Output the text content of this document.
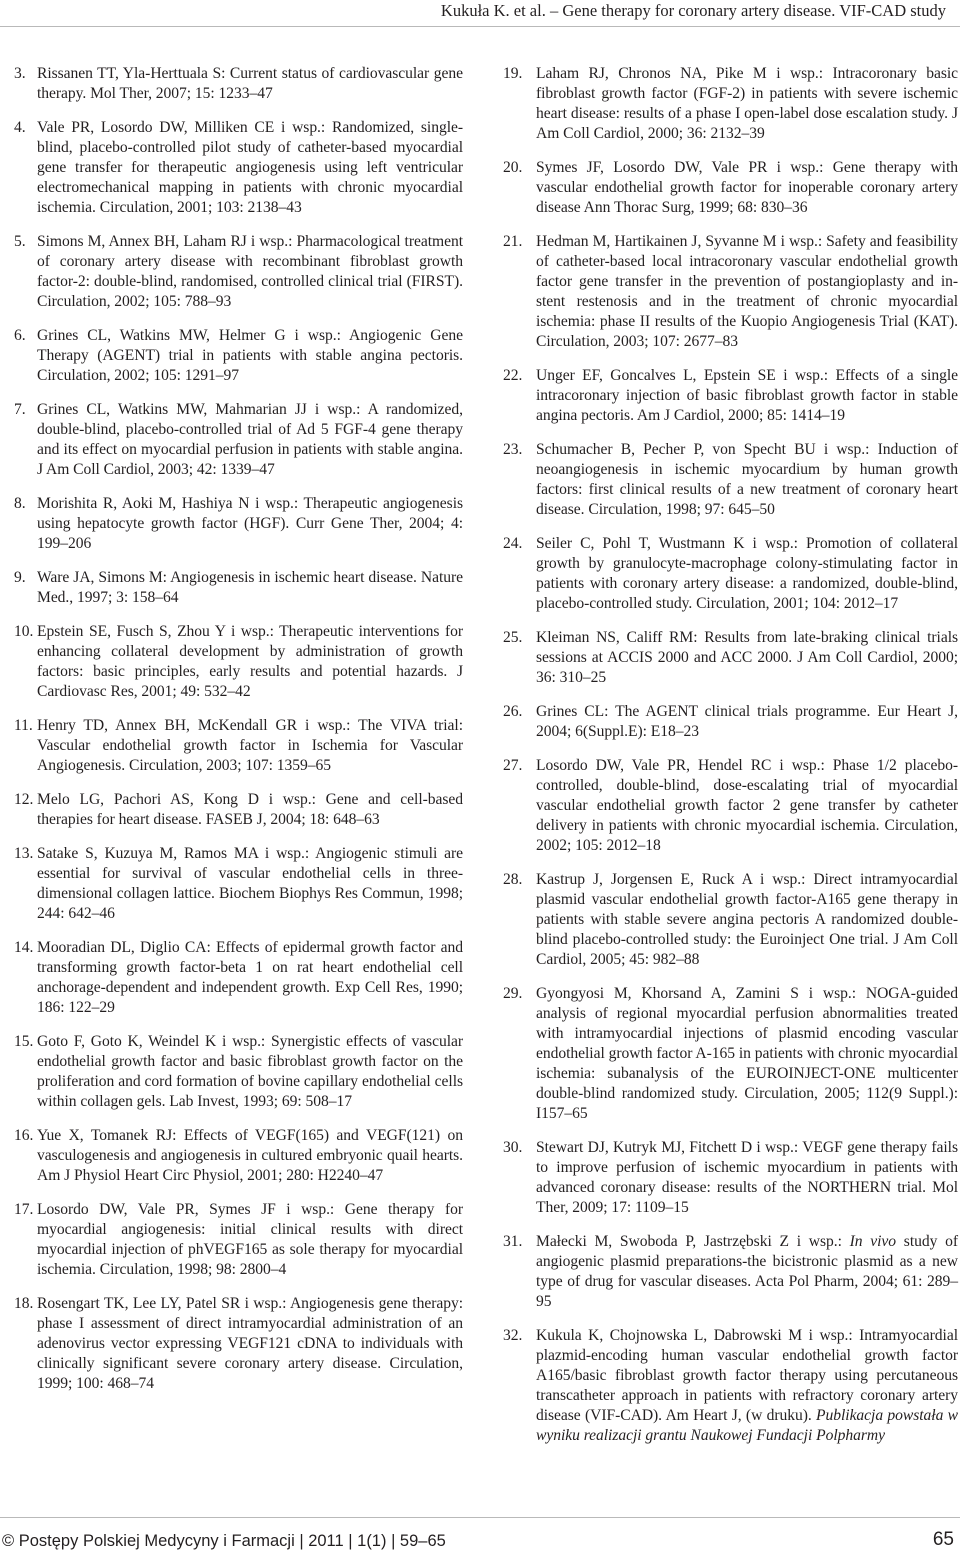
Kukuła K. et al. – Gene therapy for coronary artery disease. VIF-CAD study
3. Rissanen TT, Yla-Herttuala S: Current status of cardiovascular gene therapy. Mol Ther, 2007; 15: 1233–47
4. Vale PR, Losordo DW, Milliken CE i wsp.: Randomized, single-blind, placebo-controlled pilot study of catheter-based myocardial gene transfer for therapeutic angiogenesis using left ventricular electromechanical mapping in patients with chronic myocardial ischemia. Circulation, 2001; 103: 2138–43
5. Simons M, Annex BH, Laham RJ i wsp.: Pharmacological treatment of coronary artery disease with recombinant fibroblast growth factor-2: double-blind, randomised, controlled clinical trial (FIRST). Circulation, 2002; 105: 788–93
6. Grines CL, Watkins MW, Helmer G i wsp.: Angiogenic Gene Therapy (AGENT) trial in patients with stable angina pectoris. Circulation, 2002; 105: 1291–97
7. Grines CL, Watkins MW, Mahmarian JJ i wsp.: A randomized, double-blind, placebo-controlled trial of Ad 5 FGF-4 gene therapy and its effect on myocardial perfusion in patients with stable angina. J Am Coll Cardiol, 2003; 42: 1339–47
8. Morishita R, Aoki M, Hashiya N i wsp.: Therapeutic angiogenesis using hepatocyte growth factor (HGF). Curr Gene Ther, 2004; 4: 199–206
9. Ware JA, Simons M: Angiogenesis in ischemic heart disease. Nature Med., 1997; 3: 158–64
10. Epstein SE, Fusch S, Zhou Y i wsp.: Therapeutic interventions for enhancing collateral development by administration of growth factors: basic principles, early results and potential hazards. J Cardiovasc Res, 2001; 49: 532–42
11. Henry TD, Annex BH, McKendall GR i wsp.: The VIVA trial: Vascular endothelial growth factor in Ischemia for Vascular Angiogenesis. Circulation, 2003; 107: 1359–65
12. Melo LG, Pachori AS, Kong D i wsp.: Gene and cell-based therapies for heart disease. FASEB J, 2004; 18: 648–63
13. Satake S, Kuzuya M, Ramos MA i wsp.: Angiogenic stimuli are essential for survival of vascular endothelial cells in three-dimensional collagen lattice. Biochem Biophys Res Commun, 1998; 244: 642–46
14. Mooradian DL, Diglio CA: Effects of epidermal growth factor and transforming growth factor-beta 1 on rat heart endothelial cell anchorage-dependent and independent growth. Exp Cell Res, 1990; 186: 122–29
15. Goto F, Goto K, Weindel K i wsp.: Synergistic effects of vascular endothelial growth factor and basic fibroblast growth factor on the proliferation and cord formation of bovine capillary endothelial cells within collagen gels. Lab Invest, 1993; 69: 508–17
16. Yue X, Tomanek RJ: Effects of VEGF(165) and VEGF(121) on vasculogenesis and angiogenesis in cultured embryonic quail hearts. Am J Physiol Heart Circ Physiol, 2001; 280: H2240–47
17. Losordo DW, Vale PR, Symes JF i wsp.: Gene therapy for myocardial angiogenesis: initial clinical results with direct myocardial injection of phVEGF165 as sole therapy for myocardial ischemia. Circulation, 1998; 98: 2800–4
18. Rosengart TK, Lee LY, Patel SR i wsp.: Angiogenesis gene therapy: phase I assessment of direct intramyocardial administration of an adenovirus vector expressing VEGF121 cDNA to individuals with clinically significant severe coronary artery disease. Circulation, 1999; 100: 468–74
19. Laham RJ, Chronos NA, Pike M i wsp.: Intracoronary basic fibroblast growth factor (FGF-2) in patients with severe ischemic heart disease: results of a phase I open-label dose escalation study. J Am Coll Cardiol, 2000; 36: 2132–39
20. Symes JF, Losordo DW, Vale PR i wsp.: Gene therapy with vascular endothelial growth factor for inoperable coronary artery disease Ann Thorac Surg, 1999; 68: 830–36
21. Hedman M, Hartikainen J, Syvanne M i wsp.: Safety and feasibility of catheter-based local intracoronary vascular endothelial growth factor gene transfer in the prevention of postangioplasty and in-stent restenosis and in the treatment of chronic myocardial ischemia: phase II results of the Kuopio Angiogenesis Trial (KAT). Circulation, 2003; 107: 2677–83
22. Unger EF, Goncalves L, Epstein SE i wsp.: Effects of a single intracoronary injection of basic fibroblast growth factor in stable angina pectoris. Am J Cardiol, 2000; 85: 1414–19
23. Schumacher B, Pecher P, von Specht BU i wsp.: Induction of neoangiogenesis in ischemic myocardium by human growth factors: first clinical results of a new treatment of coronary heart disease. Circulation, 1998; 97: 645–50
24. Seiler C, Pohl T, Wustmann K i wsp.: Promotion of collateral growth by granulocyte-macrophage colony-stimulating factor in patients with coronary artery disease: a randomized, double-blind, placebo-controlled study. Circulation, 2001; 104: 2012–17
25. Kleiman NS, Califf RM: Results from late-braking clinical trials sessions at ACCIS 2000 and ACC 2000. J Am Coll Cardiol, 2000; 36: 310–25
26. Grines CL: The AGENT clinical trials programme. Eur Heart J, 2004; 6(Suppl.E): E18–23
27. Losordo DW, Vale PR, Hendel RC i wsp.: Phase 1/2 placebo-controlled, double-blind, dose-escalating trial of myocardial vascular endothelial growth factor 2 gene transfer by catheter delivery in patients with chronic myocardial ischemia. Circulation, 2002; 105: 2012–18
28. Kastrup J, Jorgensen E, Ruck A i wsp.: Direct intramyocardial plasmid vascular endothelial growth factor-A165 gene therapy in patients with stable severe angina pectoris A randomized double-blind placebo-controlled study: the Euroinject One trial. J Am Coll Cardiol, 2005; 45: 982–88
29. Gyongyosi M, Khorsand A, Zamini S i wsp.: NOGA-guided analysis of regional myocardial perfusion abnormalities treated with intramyocardial injections of plasmid encoding vascular endothelial growth factor A-165 in patients with chronic myocardial ischemia: subanalysis of the EUROINJECT-ONE multicenter double-blind randomized study. Circulation, 2005; 112(9 Suppl.): I157–65
30. Stewart DJ, Kutryk MJ, Fitchett D i wsp.: VEGF gene therapy fails to improve perfusion of ischemic myocardium in patients with advanced coronary disease: results of the NORTHERN trial. Mol Ther, 2009; 17: 1109–15
31. Małecki M, Swoboda P, Jastrzębski Z i wsp.: In vivo study of angiogenic plasmid preparations-the bicistronic plasmid as a new type of drug for vascular diseases. Acta Pol Pharm, 2004; 61: 289–95
32. Kukula K, Chojnowska L, Dabrowski M i wsp.: Intramyocardial plazmid-encoding human vascular endothelial growth factor A165/basic fibroblast growth factor therapy using percutaneous transcatheter approach in patients with refractory coronary artery disease (VIF-CAD). Am Heart J, (w druku). Publikacja powstała w wyniku realizacji grantu Naukowej Fundacji Polpharmy
© Postępy Polskiej Medycyny i Farmacji | 2011 | 1(1) | 59–65	65
